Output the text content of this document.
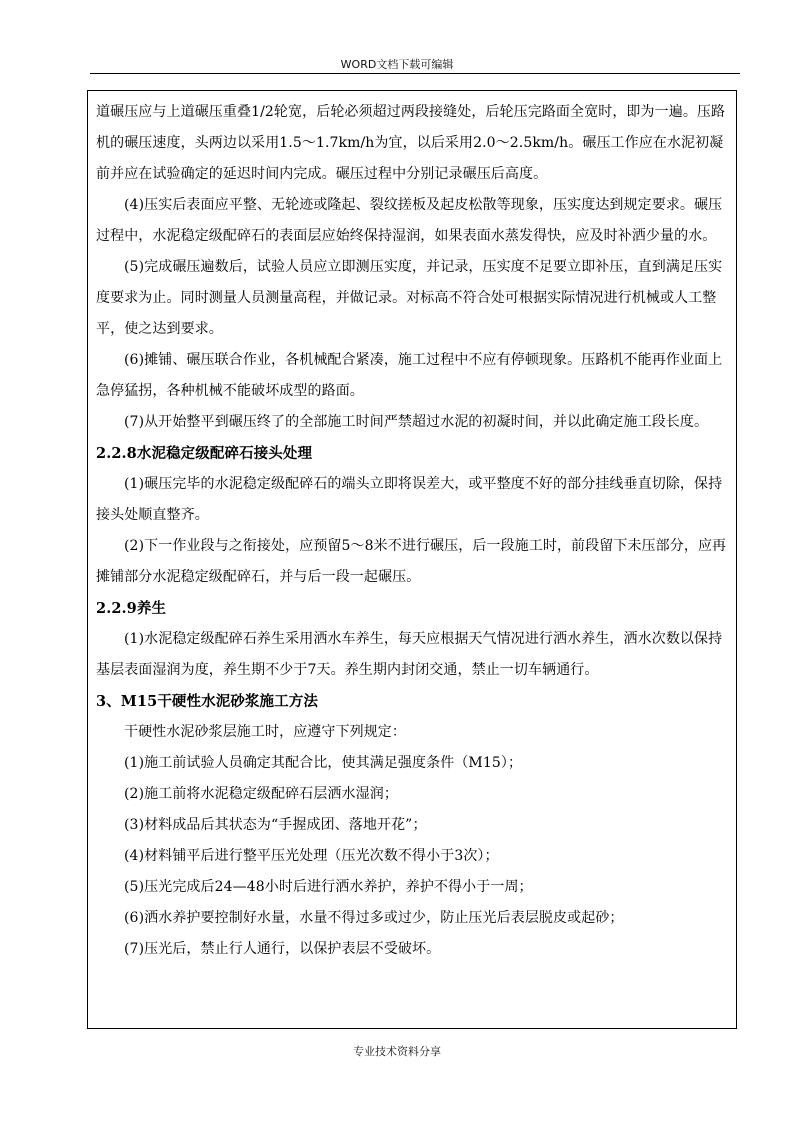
WORD文档下载可编辑

道碾压应与上道碾压重叠1/2轮宽，后轮必须超过两段接缝处，后轮压完路面全宽时，即为一遍。压路机的碾压速度，头两边以采用1.5～1.7km/h为宜，以后采用2.0～2.5km/h。碾压工作应在水泥初凝前并应在试验确定的延迟时间内完成。碾压过程中分别记录碾压后高度。

(4)压实后表面应平整、无轮迹或隆起、裂纹搓板及起皮松散等现象，压实度达到规定要求。碾压过程中，水泥稳定级配碎石的表面层应始终保持湿润，如果表面水蒸发得快，应及时补洒少量的水。

(5)完成碾压遍数后，试验人员应立即测压实度，并记录，压实度不足要立即补压，直到满足压实度要求为止。同时测量人员测量高程，并做记录。对标高不符合处可根据实际情况进行机械或人工整平，使之达到要求。

(6)摊铺、碾压联合作业，各机械配合紧凑，施工过程中不应有停顿现象。压路机不能再作业面上急停猛拐，各种机械不能破坏成型的路面。

(7)从开始整平到碾压终了的全部施工时间严禁超过水泥的初凝时间，并以此确定施工段长度。

2.2.8水泥稳定级配碎石接头处理

(1)碾压完毕的水泥稳定级配碎石的端头立即将误差大，或平整度不好的部分挂线垂直切除，保持接头处顺直整齐。

(2)下一作业段与之衔接处，应预留5～8米不进行碾压，后一段施工时，前段留下未压部分，应再摊铺部分水泥稳定级配碎石，并与后一段一起碾压。

2.2.9养生

(1)水泥稳定级配碎石养生采用洒水车养生，每天应根据天气情况进行洒水养生，洒水次数以保持基层表面湿润为度，养生期不少于7天。养生期内封闭交通，禁止一切车辆通行。

3、M15干硬性水泥砂浆施工方法

干硬性水泥砂浆层施工时，应遵守下列规定：

(1)施工前试验人员确定其配合比，使其满足强度条件（M15）；

(2)施工前将水泥稳定级配碎石层洒水湿润；

(3)材料成品后其状态为“手握成团、落地开花”；

(4)材料铺平后进行整平压光处理（压光次数不得小于3次）；

(5)压光完成后24—48小时后进行洒水养护，养护不得小于一周；

(6)洒水养护要控制好水量，水量不得过多或过少，防止压光后表层脱皮或起砂；

(7)压光后，禁止行人通行，以保护表层不受破坏。

专业技术资料分享
